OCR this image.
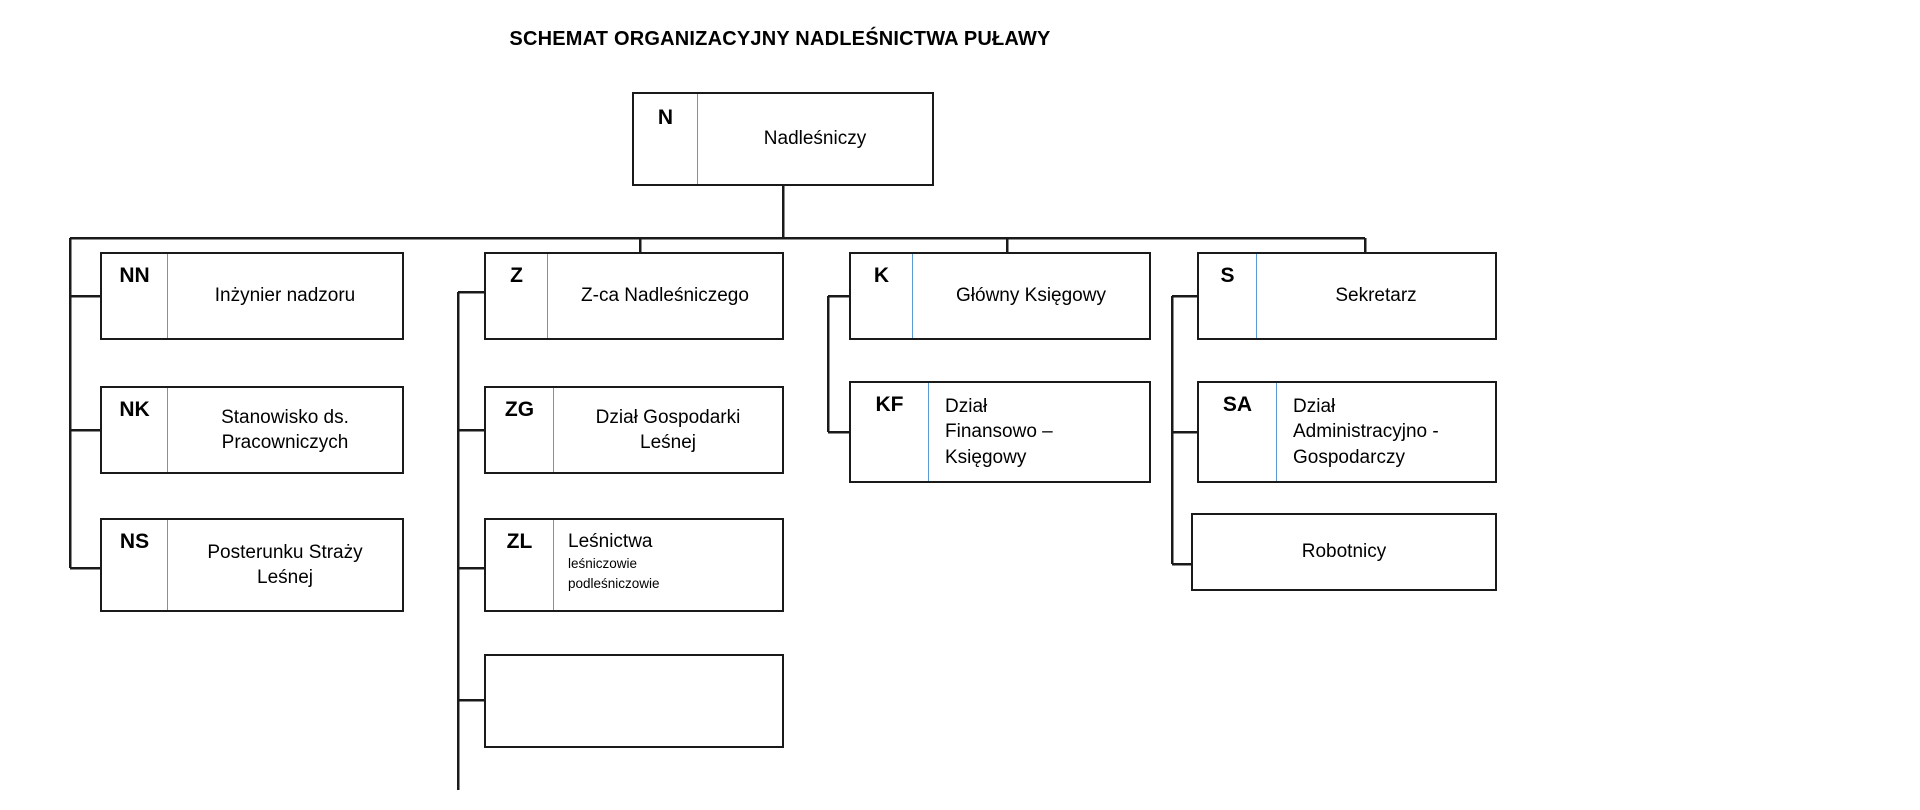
SCHEMAT ORGANIZACYJNY NADLEŚNICTWA PUŁAWY
N
Nadleśniczy
NN
Inżynier nadzoru
NK	Stanowisko ds.
Pracowniczych
NS	Posterunku Straży
Leśnej
Z
Z-ca Nadleśniczego
ZG	Dział Gospodarki
Leśnej
ZL	Leśnictwa
leśniczowie
podleśniczowie
K
Główny Księgowy
KF	Dział
Finansowo –
Księgowy
S
Sekretarz
SA	Dział
Administracyjno -
Gospodarczy
Robotnicy
